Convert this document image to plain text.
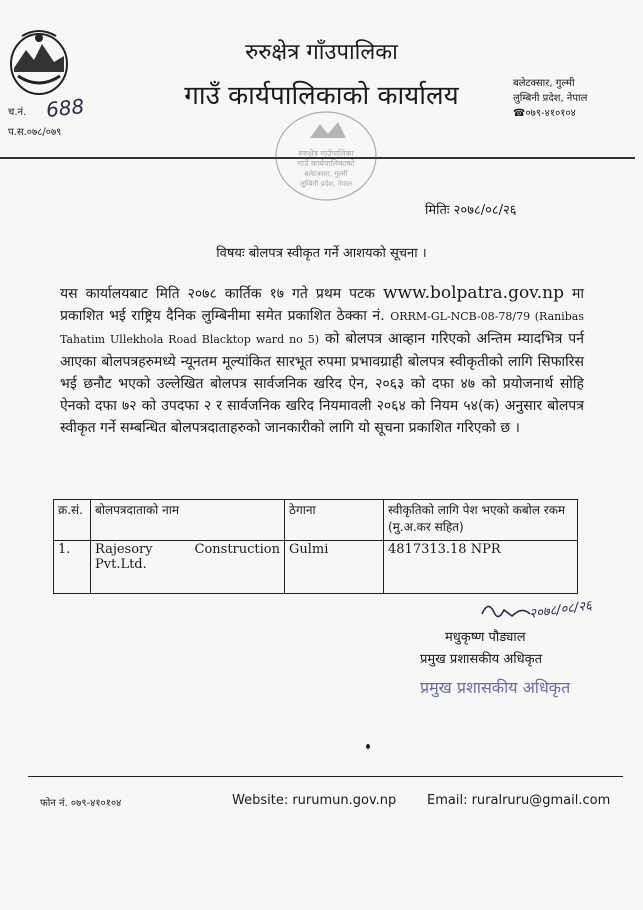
च.नं. 688
प.स.०७८/०७९
रुरुक्षेत्र गाँउपालिका
गाउँ कार्यपालिकाको कार्यालय	बलेटक्सार, गुल्मी
लुम्बिनी प्रदेश, नेपाल
☎०७९-४१०१०४
रुरुक्षेत्र गाउँपालिका
गाउँ कार्यपालिकाको
बलेटक्सार, गुल्मी
लुम्बिनी प्रदेश, नेपाल
मितिः २०७८/०८/२६
विषयः बोलपत्र स्वीकृत गर्ने आशयको सूचना ।
यस कार्यालयबाट मिति २०७८ कार्तिक १७ गते प्रथम पटक www.bolpatra.gov.np मा प्रकाशित भई राष्ट्रिय दैनिक लुम्बिनीमा समेत प्रकाशित ठेक्का नं. ORRM-GL-NCB-08-78/79 (Ranibas Tahatim Ullekhola Road Blacktop ward no 5) को बोलपत्र आव्हान गरिएको अन्तिम म्यादभित्र पर्न आएका बोलपत्रहरुमध्ये न्यूनतम मूल्यांकित सारभूत रुपमा प्रभावग्राही बोलपत्र स्वीकृतीको लागि सिफारिस भई छनौट भएको उल्लेखित बोलपत्र सार्वजनिक खरिद ऐन, २०६३ को दफा ४७ को प्रयोजनार्थ सोहि ऐनको दफा ७२ को उपदफा २ र सार्वजनिक खरिद नियमावली २०६४ को नियम ५४(क) अनुसार बोलपत्र स्वीकृत गर्ने सम्बन्धित बोलपत्रदाताहरुको जानकारीको लागि यो सूचना प्रकाशित गरिएको छ ।
क्र.सं.	बोलपत्रदाताको नाम	ठेगाना	स्वीकृतिको लागि पेश भएको कबोल रकम (मु.अ.कर सहित)
1.	Rajesory Construction Pvt.Ltd.	Gulmi	4817313.18 NPR
२०७८/०८/२६
मधुकृष्ण पौड्याल
प्रमुख प्रशासकीय अधिकृत
प्रमुख प्रशासकीय अधिकृत
फोन नं. ०७९-४१०१०४	Website: rurumun.gov.np Email: ruralruru@gmail.com
